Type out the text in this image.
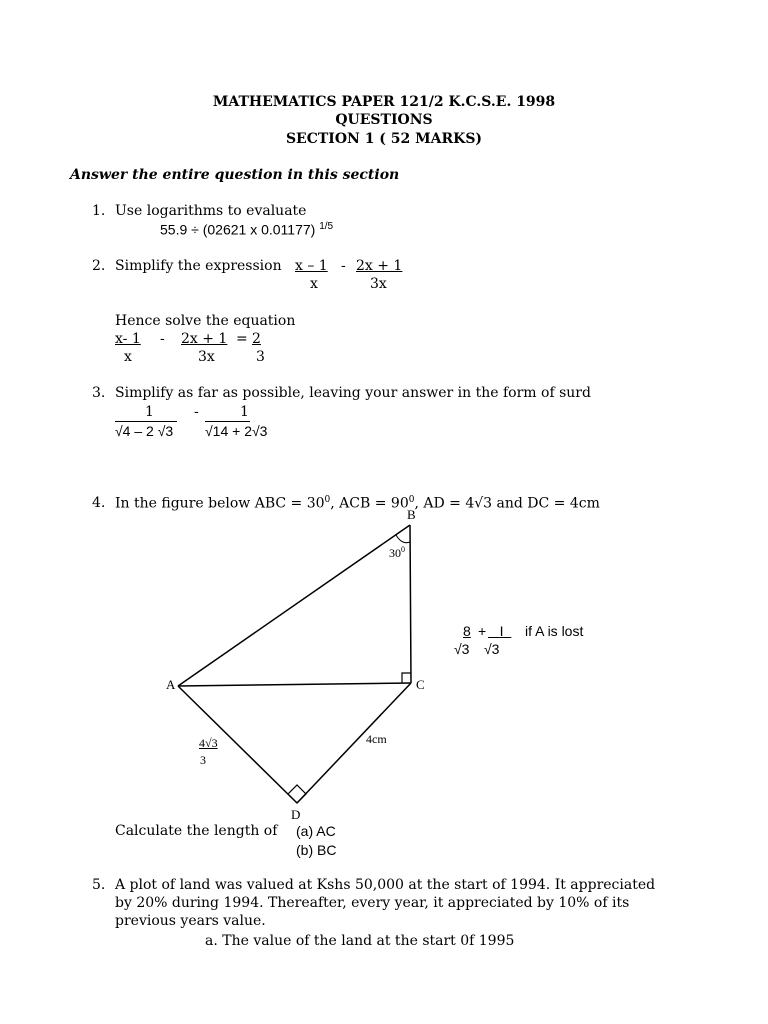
MATHEMATICS PAPER 121/2 K.C.S.E. 1998
QUESTIONS
SECTION 1 ( 52 MARKS)
Answer the entire question in this section
1. Use logarithms to evaluate
55.9 ÷ (02621 x 0.01177) $^{1/5}$
2. Simplify the expression x – 1 - 2x + 1
x	3x
Hence solve the equation
x- 1 - 2x + 1 = 2
x	3x	3
3. Simplify as far as possible, leaving your answer in the form of surd
1	-	1
√4 – 2 √3 √14 + 2√3
4. In the figure below ABC = $30^0$, ACB = $90^0$, AD = 4√3 and DC = 4cm
B
A	C
D
$30^0$
4cm
4√3
3
8 + I	if A is lost
√3 √3
Calculate the length of (a) AC
(b) BC
5. A plot of land was valued at Kshs 50,000 at the start of 1994. It appreciated
by 20% during 1994. Thereafter, every year, it appreciated by 10% of its
previous years value.
a. The value of the land at the start 0f 1995
